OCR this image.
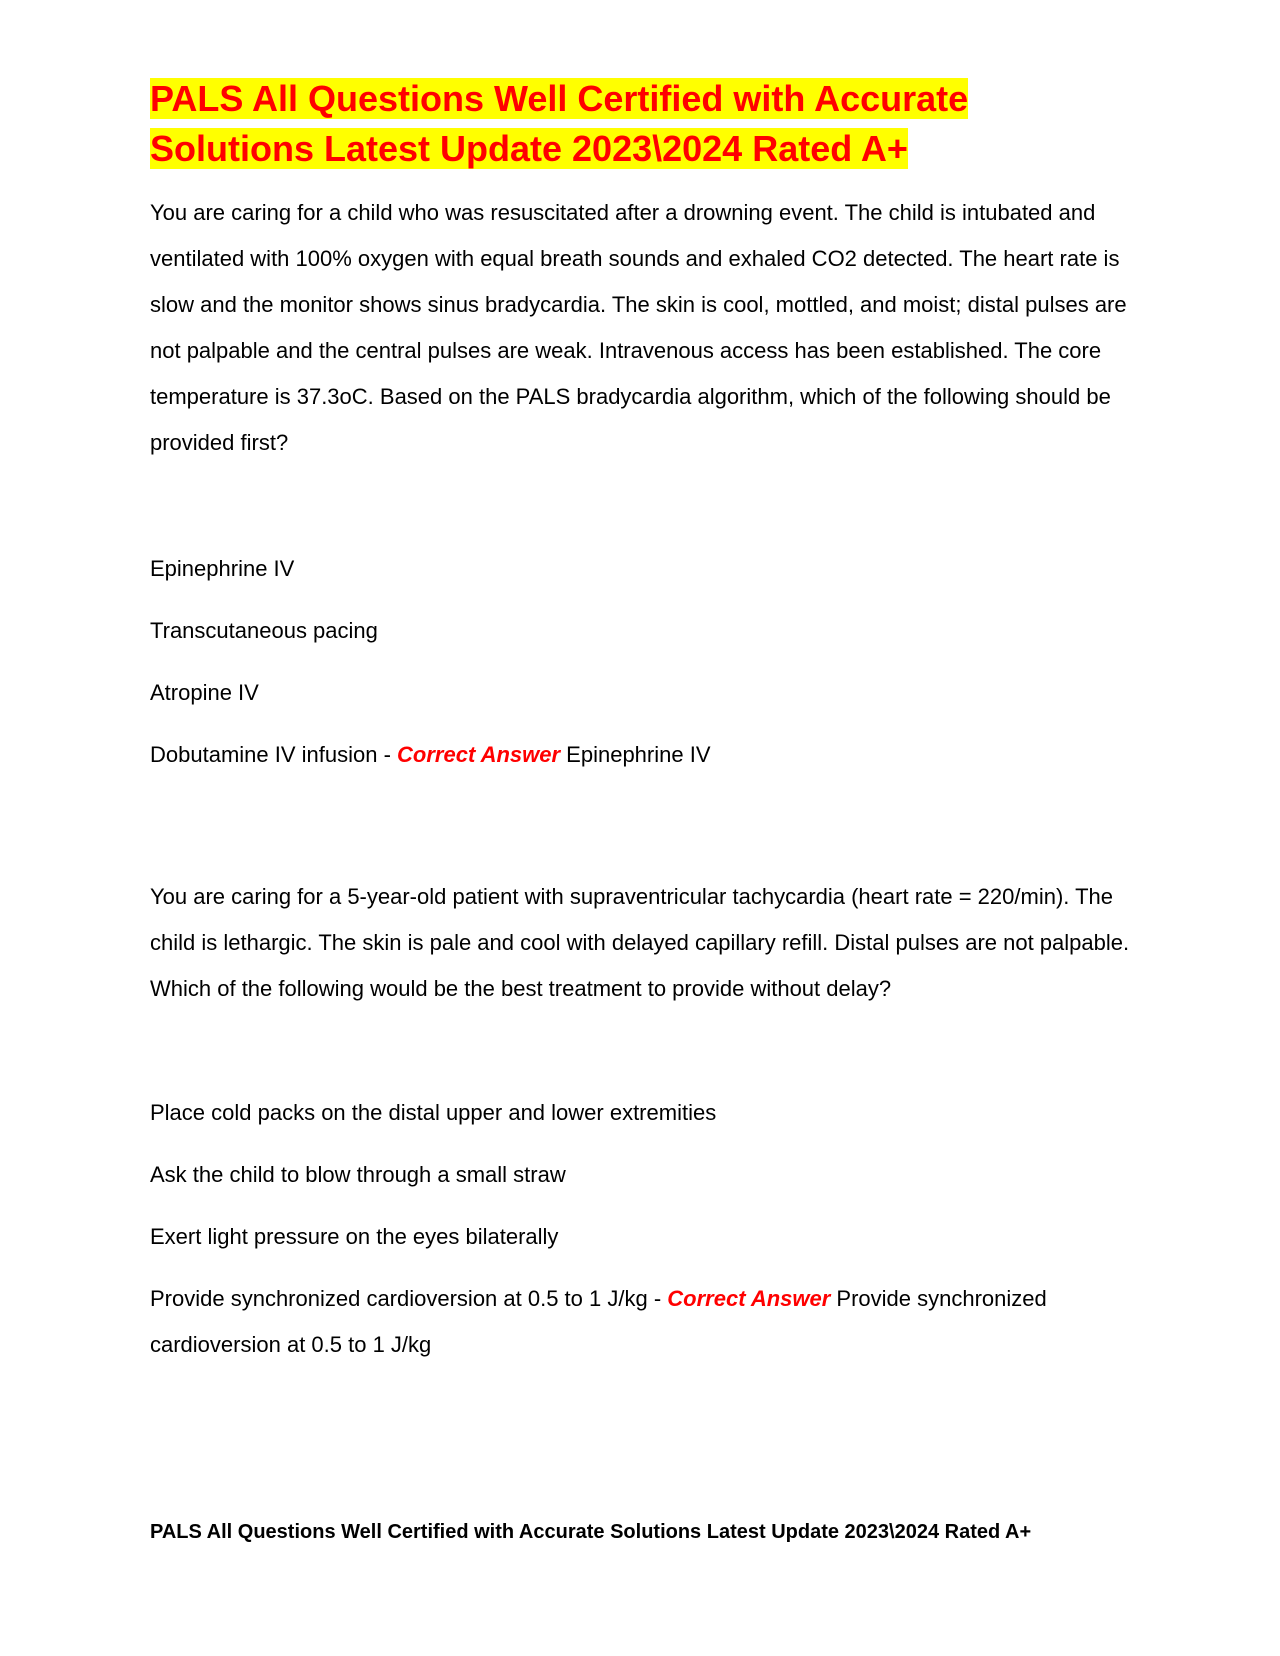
PALS All Questions Well Certified with Accurate
Solutions Latest Update 2023\2024 Rated A+

You are caring for a child who was resuscitated after a drowning event. The child is intubated and ventilated with 100% oxygen with equal breath sounds and exhaled CO2 detected. The heart rate is slow and the monitor shows sinus bradycardia. The skin is cool, mottled, and moist; distal pulses are not palpable and the central pulses are weak. Intravenous access has been established. The core temperature is 37.3oC. Based on the PALS bradycardia algorithm, which of the following should be provided first?

Epinephrine IV

Transcutaneous pacing

Atropine IV

Dobutamine IV infusion - Correct Answer Epinephrine IV

You are caring for a 5-year-old patient with supraventricular tachycardia (heart rate = 220/min). The child is lethargic. The skin is pale and cool with delayed capillary refill. Distal pulses are not palpable. Which of the following would be the best treatment to provide without delay?

Place cold packs on the distal upper and lower extremities

Ask the child to blow through a small straw

Exert light pressure on the eyes bilaterally

Provide synchronized cardioversion at 0.5 to 1 J/kg - Correct Answer Provide synchronized cardioversion at 0.5 to 1 J/kg

PALS All Questions Well Certified with Accurate Solutions Latest Update 2023\2024 Rated A+
